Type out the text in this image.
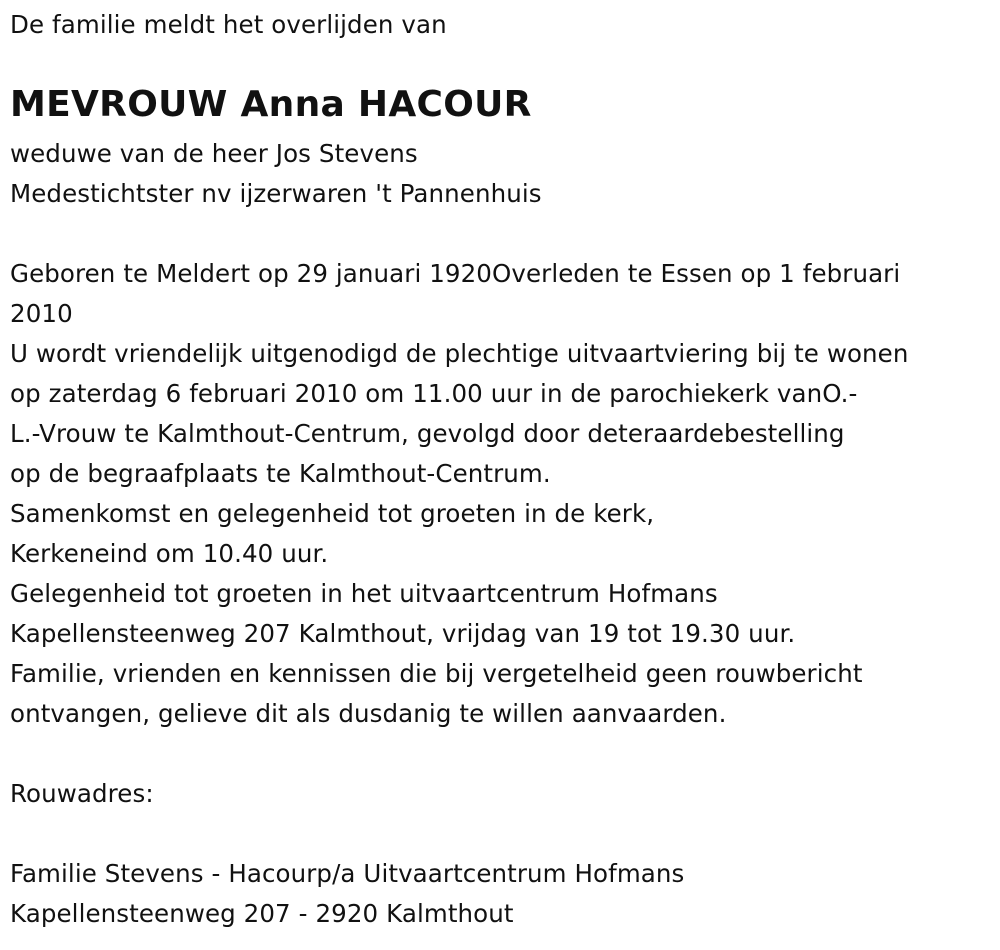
De familie meldt het overlijden van
MEVROUW Anna HACOUR
weduwe van de heer Jos Stevens
Medestichtster nv ijzerwaren 't Pannenhuis
Geboren te Meldert op 29 januari 1920Overleden te Essen op 1 februari
2010
U wordt vriendelijk uitgenodigd de plechtige uitvaartviering bij te wonen
op zaterdag 6 februari 2010 om 11.00 uur in de parochiekerk vanO.-
L.-Vrouw te Kalmthout-Centrum, gevolgd door deteraardebestelling
op de begraafplaats te Kalmthout-Centrum.
Samenkomst en gelegenheid tot groeten in de kerk,
Kerkeneind om 10.40 uur.
Gelegenheid tot groeten in het uitvaartcentrum Hofmans
Kapellensteenweg 207 Kalmthout, vrijdag van 19 tot 19.30 uur.
Familie, vrienden en kennissen die bij vergetelheid geen rouwbericht
ontvangen, gelieve dit als dusdanig te willen aanvaarden.
Rouwadres:
Familie Stevens - Hacourp/a Uitvaartcentrum Hofmans
Kapellensteenweg 207 - 2920 Kalmthout
